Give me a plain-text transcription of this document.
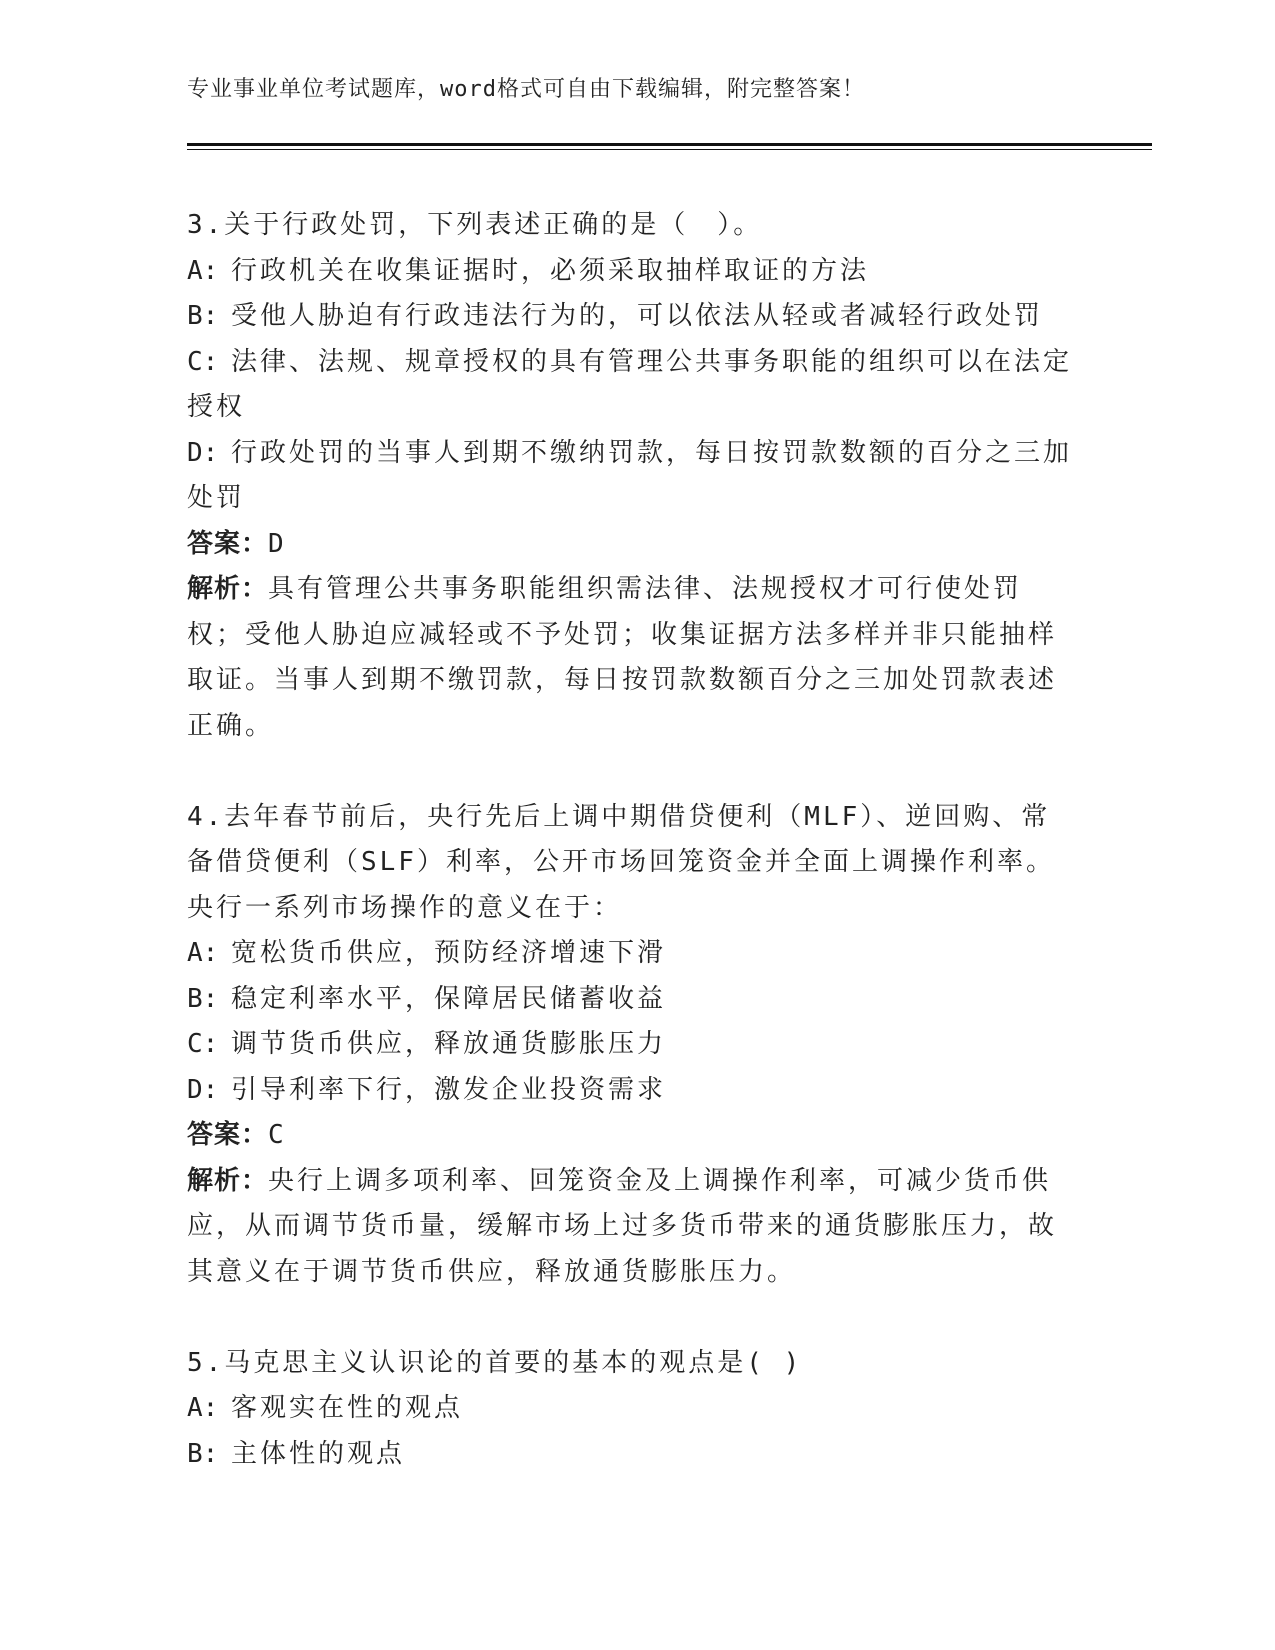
专业事业单位考试题库，word格式可自由下载编辑，附完整答案！

3.关于行政处罚，下列表述正确的是（　）。

A: 行政机关在收集证据时，必须采取抽样取证的方法

B: 受他人胁迫有行政违法行为的，可以依法从轻或者减轻行政处罚

C: 法律、法规、规章授权的具有管理公共事务职能的组织可以在法定授权

D: 行政处罚的当事人到期不缴纳罚款，每日按罚款数额的百分之三加处罚

答案：D

解析：具有管理公共事务职能组织需法律、法规授权才可行使处罚权；受他人胁迫应减轻或不予处罚；收集证据方法多样并非只能抽样取证。当事人到期不缴罚款，每日按罚款数额百分之三加处罚款表述正确。

4.去年春节前后，央行先后上调中期借贷便利（MLF）、逆回购、常备借贷便利（SLF）利率，公开市场回笼资金并全面上调操作利率。央行一系列市场操作的意义在于：

A: 宽松货币供应，预防经济增速下滑

B: 稳定利率水平，保障居民储蓄收益

C: 调节货币供应，释放通货膨胀压力

D: 引导利率下行，激发企业投资需求

答案：C

解析：央行上调多项利率、回笼资金及上调操作利率，可减少货币供应，从而调节货币量，缓解市场上过多货币带来的通货膨胀压力，故其意义在于调节货币供应，释放通货膨胀压力。

5.马克思主义认识论的首要的基本的观点是( )

A: 客观实在性的观点

B: 主体性的观点
